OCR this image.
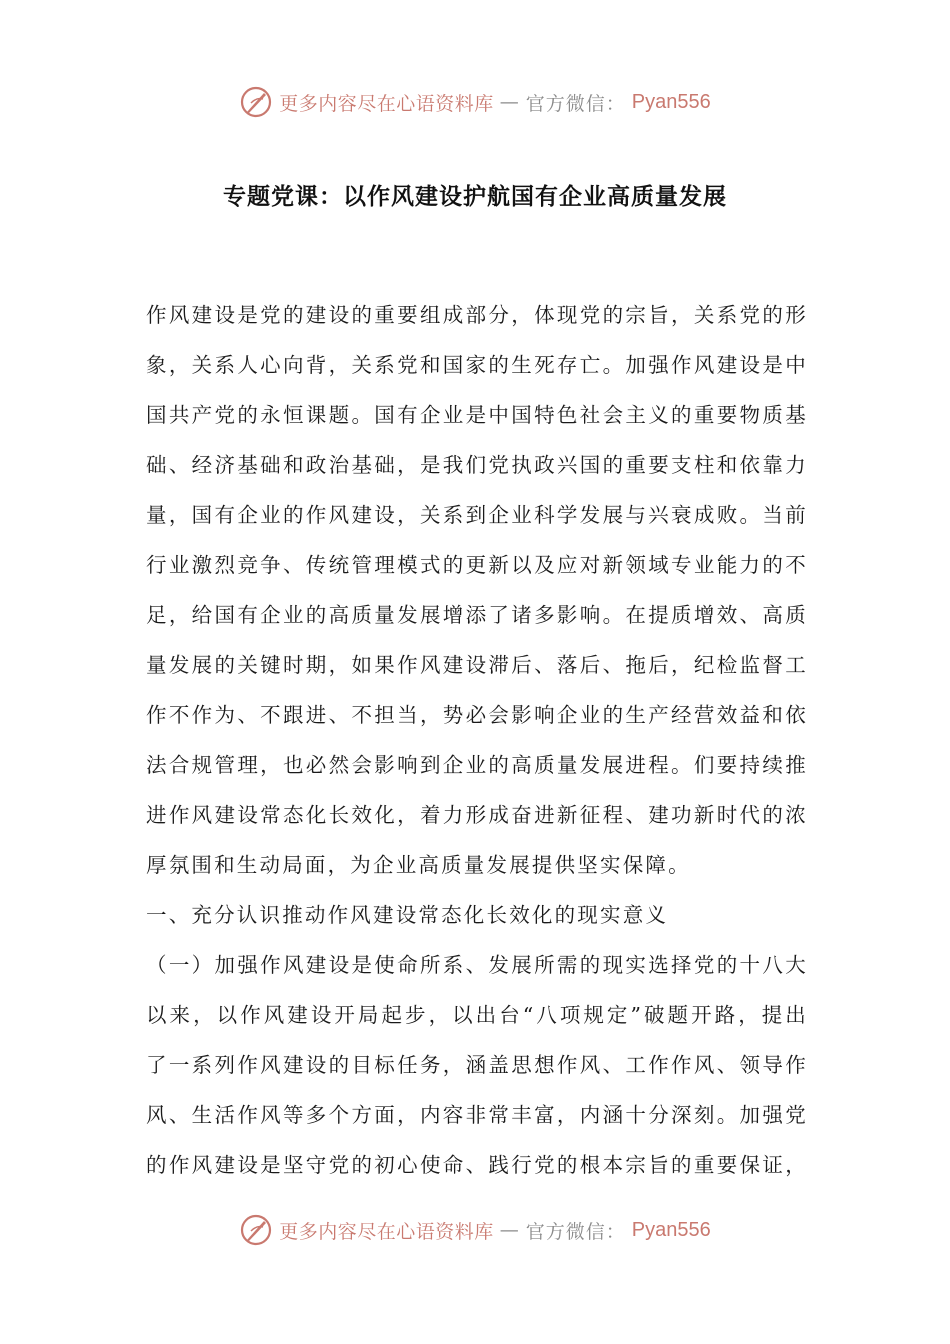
更多内容尽在心语资料库 — 官方微信： Pyan556
专题党课：以作风建设护航国有企业高质量发展
作 风 建 设 是 党 的 建 设 的 重 要 组 成 部 分 ， 体 现 党 的 宗 旨 ， 关 系 党 的 形
象 ， 关 系 人 心 向 背 ， 关 系 党 和 国 家 的 生 死 存 亡 。 加 强 作 风 建 设 是 中
国 共 产 党 的 永 恒 课 题 。 国 有 企 业 是 中 国 特 色 社 会 主 义 的 重 要 物 质 基
础 、 经 济 基 础 和 政 治 基 础 ， 是 我 们 党 执 政 兴 国 的 重 要 支 柱 和 依 靠 力
量 ， 国 有 企 业 的 作 风 建 设 ， 关 系 到 企 业 科 学 发 展 与 兴 衰 成 败 。 当 前
行 业 激 烈 竞 争 、 传 统 管 理 模 式 的 更 新 以 及 应 对 新 领 域 专 业 能 力 的 不
足 ， 给 国 有 企 业 的 高 质 量 发 展 增 添 了 诸 多 影 响 。 在 提 质 增 效 、 高 质
量 发 展 的 关 键 时 期 ， 如 果 作 风 建 设 滞 后 、 落 后 、 拖 后 ， 纪 检 监 督 工
作 不 作 为 、 不 跟 进 、 不 担 当 ， 势 必 会 影 响 企 业 的 生 产 经 营 效 益 和 依
法 合 规 管 理 ， 也 必 然 会 影 响 到 企 业 的 高 质 量 发 展 进 程 。 们 要 持 续 推
进 作 风 建 设 常 态 化 长 效 化 ， 着 力 形 成 奋 进 新 征 程 、 建 功 新 时 代 的 浓
厚氛围和生动局面，为企业高质量发展提供坚实保障。
一、充分认识推动作风建设常态化长效化的现实意义
（ 一 ） 加 强 作 风 建 设 是 使 命 所 系 、 发 展 所 需 的 现 实 选 择 党 的 十 八 大
以 来 ， 以 作 风 建 设 开 局 起 步 ， 以 出 台 “ 八 项 规 定 ” 破 题 开 路 ， 提 出
了 一 系 列 作 风 建 设 的 目 标 任 务 ， 涵 盖 思 想 作 风 、 工 作 作 风 、 领 导 作
风 、 生 活 作 风 等 多 个 方 面 ， 内 容 非 常 丰 富 ， 内 涵 十 分 深 刻 。 加 强 党
的 作 风 建 设 是 坚 守 党 的 初 心 使 命 、 践 行 党 的 根 本 宗 旨 的 重 要 保 证 ，
更多内容尽在心语资料库 — 官方微信： Pyan556
